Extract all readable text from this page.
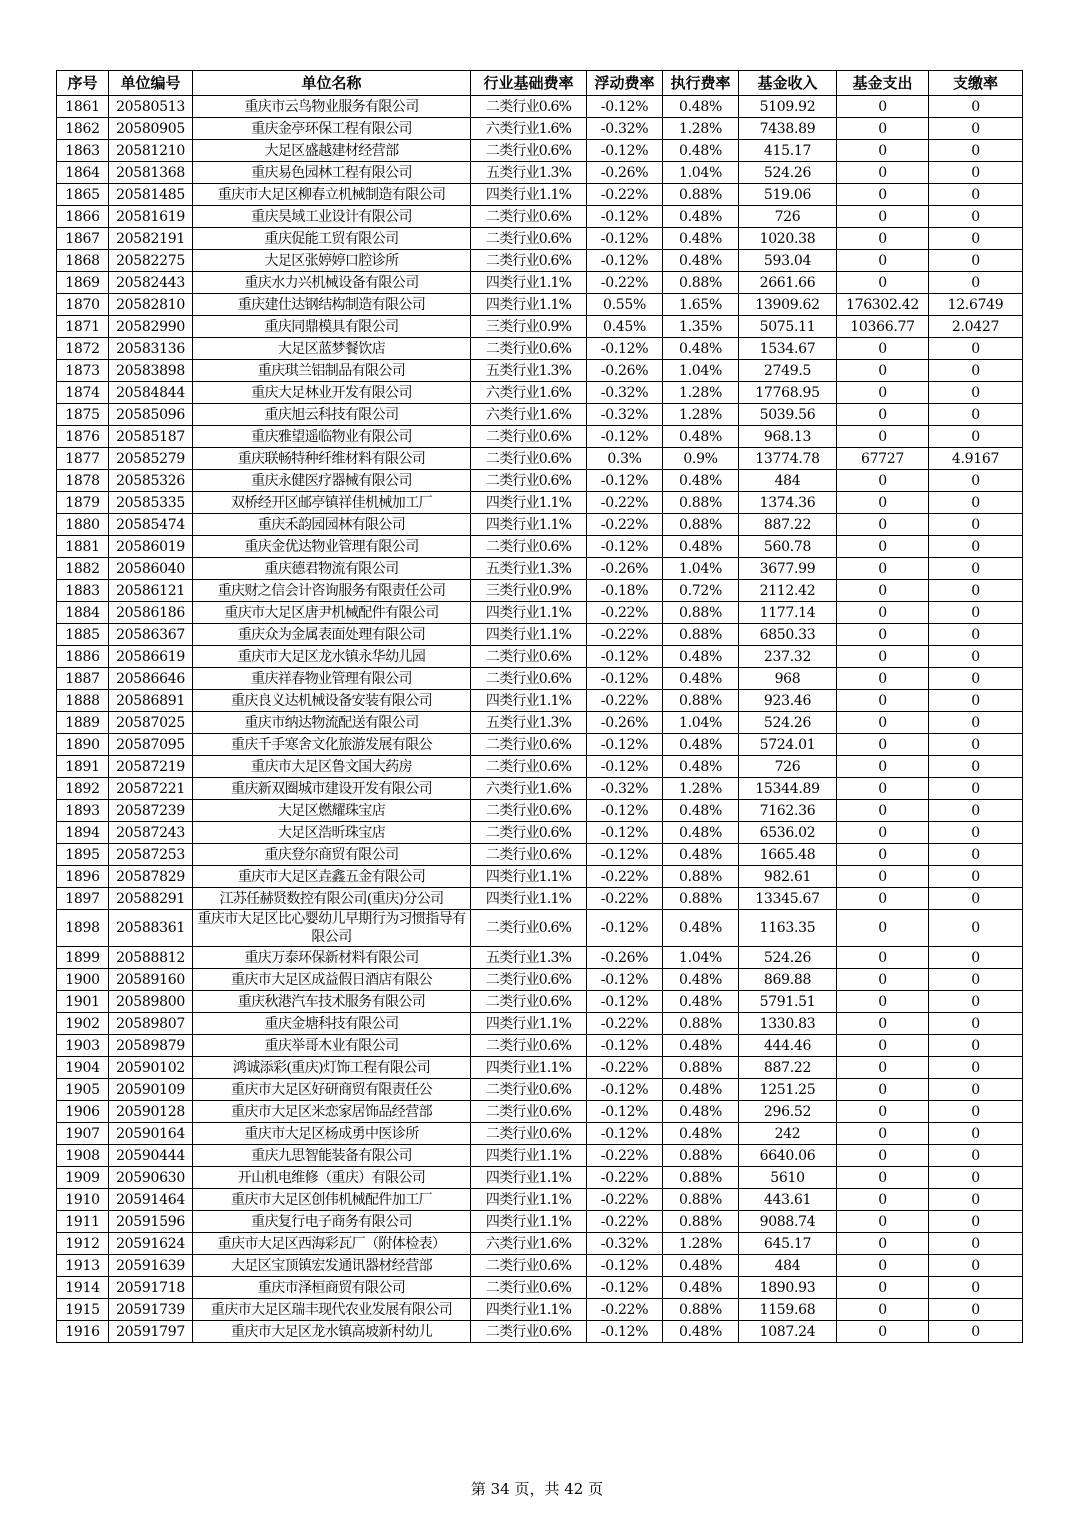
序号	单位编号	单位名称	行业基础费率	浮动费率	执行费率	基金收入	基金支出	支缴率
1861	20580513	重庆市云鸟物业服务有限公司	二类行业0.6%	-0.12%	0.48%	5109.92	0	0
1862	20580905	重庆金亭环保工程有限公司	六类行业1.6%	-0.32%	1.28%	7438.89	0	0
1863	20581210	大足区盛越建材经营部	二类行业0.6%	-0.12%	0.48%	415.17	0	0
1864	20581368	重庆易色园林工程有限公司	五类行业1.3%	-0.26%	1.04%	524.26	0	0
1865	20581485	重庆市大足区柳春立机械制造有限公司	四类行业1.1%	-0.22%	0.88%	519.06	0	0
1866	20581619	重庆昊域工业设计有限公司	二类行业0.6%	-0.12%	0.48%	726	0	0
1867	20582191	重庆促能工贸有限公司	二类行业0.6%	-0.12%	0.48%	1020.38	0	0
1868	20582275	大足区张婷婷口腔诊所	二类行业0.6%	-0.12%	0.48%	593.04	0	0
1869	20582443	重庆水力兴机械设备有限公司	四类行业1.1%	-0.22%	0.88%	2661.66	0	0
1870	20582810	重庆建仕达钢结构制造有限公司	四类行业1.1%	0.55%	1.65%	13909.62	176302.42	12.6749
1871	20582990	重庆同鼎模具有限公司	三类行业0.9%	0.45%	1.35%	5075.11	10366.77	2.0427
1872	20583136	大足区蓝梦餐饮店	二类行业0.6%	-0.12%	0.48%	1534.67	0	0
1873	20583898	重庆琪兰铝制品有限公司	五类行业1.3%	-0.26%	1.04%	2749.5	0	0
1874	20584844	重庆大足林业开发有限公司	六类行业1.6%	-0.32%	1.28%	17768.95	0	0
1875	20585096	重庆旭云科技有限公司	六类行业1.6%	-0.32%	1.28%	5039.56	0	0
1876	20585187	重庆雅望遥临物业有限公司	二类行业0.6%	-0.12%	0.48%	968.13	0	0
1877	20585279	重庆联畅特种纤维材料有限公司	二类行业0.6%	0.3%	0.9%	13774.78	67727	4.9167
1878	20585326	重庆永健医疗器械有限公司	二类行业0.6%	-0.12%	0.48%	484	0	0
1879	20585335	双桥经开区邮亭镇祥佳机械加工厂	四类行业1.1%	-0.22%	0.88%	1374.36	0	0
1880	20585474	重庆禾韵园园林有限公司	四类行业1.1%	-0.22%	0.88%	887.22	0	0
1881	20586019	重庆金优达物业管理有限公司	二类行业0.6%	-0.12%	0.48%	560.78	0	0
1882	20586040	重庆德君物流有限公司	五类行业1.3%	-0.26%	1.04%	3677.99	0	0
1883	20586121	重庆财之信会计咨询服务有限责任公司	三类行业0.9%	-0.18%	0.72%	2112.42	0	0
1884	20586186	重庆市大足区唐尹机械配件有限公司	四类行业1.1%	-0.22%	0.88%	1177.14	0	0
1885	20586367	重庆众为金属表面处理有限公司	四类行业1.1%	-0.22%	0.88%	6850.33	0	0
1886	20586619	重庆市大足区龙水镇永华幼儿园	二类行业0.6%	-0.12%	0.48%	237.32	0	0
1887	20586646	重庆祥春物业管理有限公司	二类行业0.6%	-0.12%	0.48%	968	0	0
1888	20586891	重庆良义达机械设备安装有限公司	四类行业1.1%	-0.22%	0.88%	923.46	0	0
1889	20587025	重庆市纳达物流配送有限公司	五类行业1.3%	-0.26%	1.04%	524.26	0	0
1890	20587095	重庆千手寒舍文化旅游发展有限公	二类行业0.6%	-0.12%	0.48%	5724.01	0	0
1891	20587219	重庆市大足区鲁文国大药房	二类行业0.6%	-0.12%	0.48%	726	0	0
1892	20587221	重庆新双圈城市建设开发有限公司	六类行业1.6%	-0.32%	1.28%	15344.89	0	0
1893	20587239	大足区燃耀珠宝店	二类行业0.6%	-0.12%	0.48%	7162.36	0	0
1894	20587243	大足区浩昕珠宝店	二类行业0.6%	-0.12%	0.48%	6536.02	0	0
1895	20587253	重庆登尔商贸有限公司	二类行业0.6%	-0.12%	0.48%	1665.48	0	0
1896	20587829	重庆市大足区垚鑫五金有限公司	四类行业1.1%	-0.22%	0.88%	982.61	0	0
1897	20588291	江苏任赫贤数控有限公司(重庆)分公司	四类行业1.1%	-0.22%	0.88%	13345.67	0	0
1898	20588361	重庆市大足区比心婴幼儿早期行为习惯指导有限公司	二类行业0.6%	-0.12%	0.48%	1163.35	0	0
1899	20588812	重庆万泰环保新材料有限公司	五类行业1.3%	-0.26%	1.04%	524.26	0	0
1900	20589160	重庆市大足区成益假日酒店有限公	二类行业0.6%	-0.12%	0.48%	869.88	0	0
1901	20589800	重庆秋港汽车技术服务有限公司	二类行业0.6%	-0.12%	0.48%	5791.51	0	0
1902	20589807	重庆金塘科技有限公司	四类行业1.1%	-0.22%	0.88%	1330.83	0	0
1903	20589879	重庆举哥木业有限公司	二类行业0.6%	-0.12%	0.48%	444.46	0	0
1904	20590102	鸿诚添彩(重庆)灯饰工程有限公司	四类行业1.1%	-0.22%	0.88%	887.22	0	0
1905	20590109	重庆市大足区好研商贸有限责任公	二类行业0.6%	-0.12%	0.48%	1251.25	0	0
1906	20590128	重庆市大足区米恋家居饰品经营部	二类行业0.6%	-0.12%	0.48%	296.52	0	0
1907	20590164	重庆市大足区杨成勇中医诊所	二类行业0.6%	-0.12%	0.48%	242	0	0
1908	20590444	重庆九思智能装备有限公司	四类行业1.1%	-0.22%	0.88%	6640.06	0	0
1909	20590630	开山机电维修（重庆）有限公司	四类行业1.1%	-0.22%	0.88%	5610	0	0
1910	20591464	重庆市大足区创伟机械配件加工厂	四类行业1.1%	-0.22%	0.88%	443.61	0	0
1911	20591596	重庆复行电子商务有限公司	四类行业1.1%	-0.22%	0.88%	9088.74	0	0
1912	20591624	重庆市大足区西海彩瓦厂（附体检表）	六类行业1.6%	-0.32%	1.28%	645.17	0	0
1913	20591639	大足区宝顶镇宏发通讯器材经营部	二类行业0.6%	-0.12%	0.48%	484	0	0
1914	20591718	重庆市泽桓商贸有限公司	二类行业0.6%	-0.12%	0.48%	1890.93	0	0
1915	20591739	重庆市大足区瑞丰现代农业发展有限公司	四类行业1.1%	-0.22%	0.88%	1159.68	0	0
1916	20591797	重庆市大足区龙水镇高坡新村幼儿	二类行业0.6%	-0.12%	0.48%	1087.24	0	0
第 34 页，共 42 页
